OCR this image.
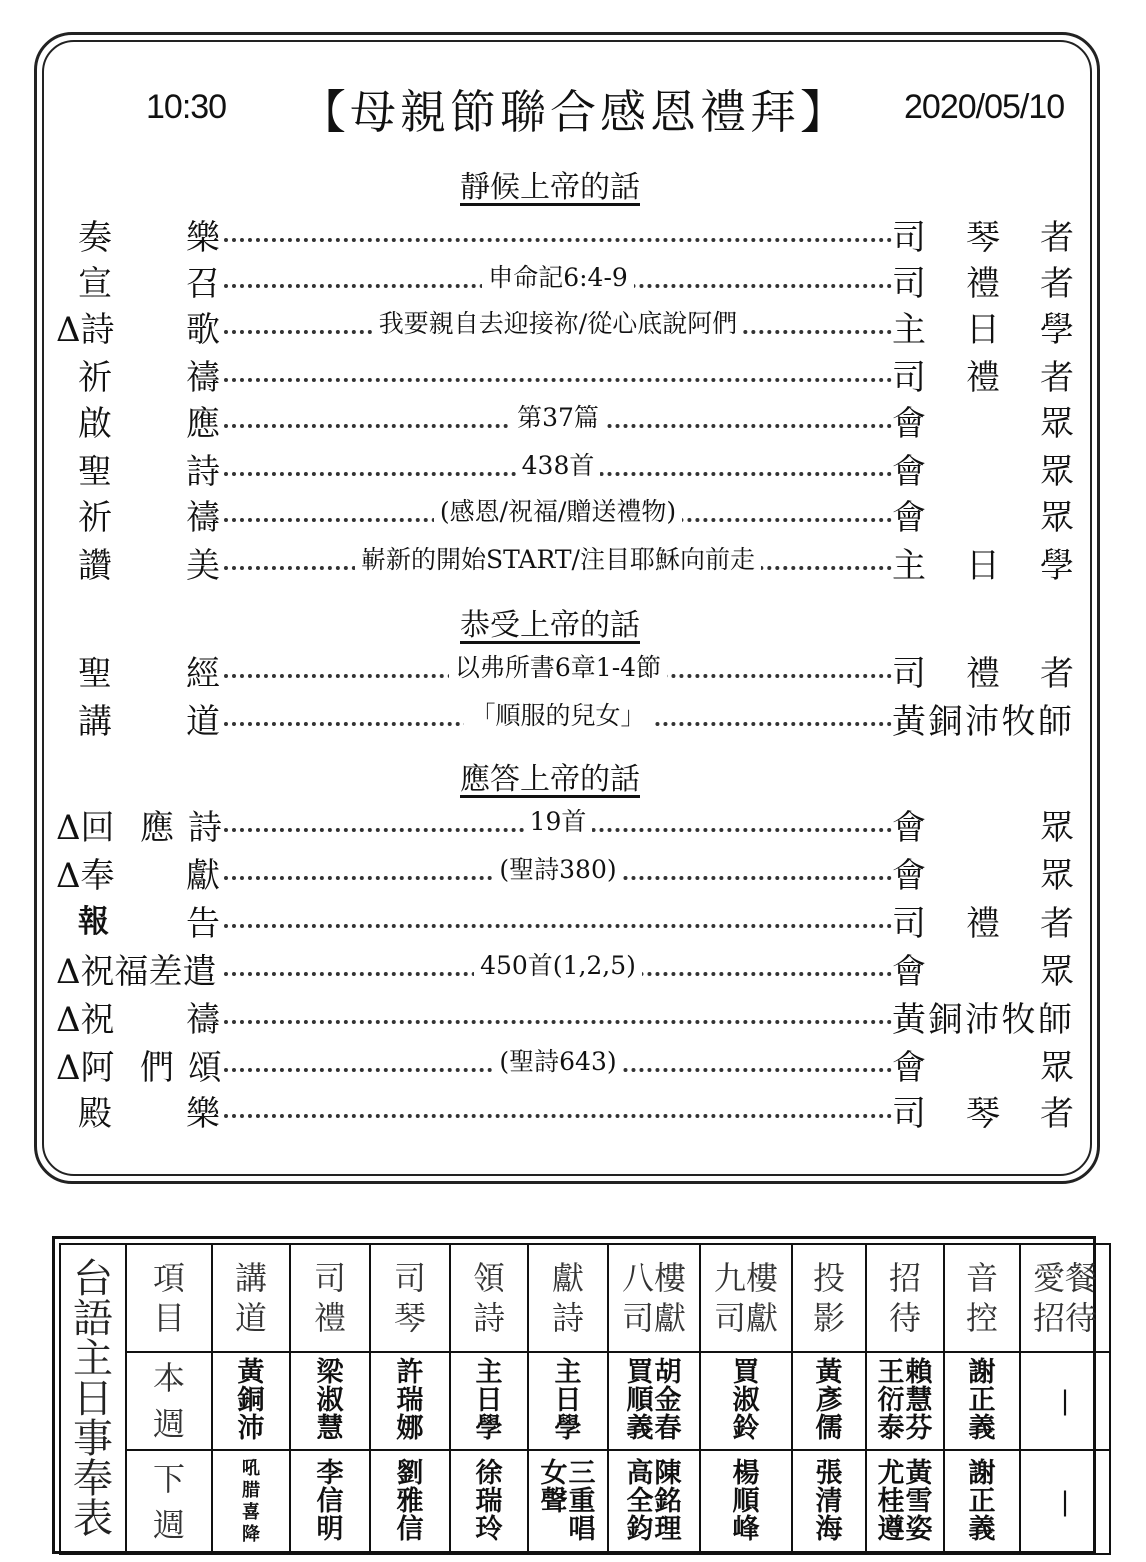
10:30 【母親節聯合感恩禮拜】 2020/05/10
靜候上帝的話
恭受上帝的話
應答上帝的話
奏 樂	司 琴 者
宣 召	申命記6:4-9	司 禮 者
Δ詩 歌	我要親自去迎接祢/從心底說阿們	主 日 學
祈 禱	司 禮 者
啟 應	第37篇	會	眾
聖 詩	438首	會	眾
祈 禱	(感恩/祝福/贈送禮物)	會	眾
讚 美	嶄新的開始START/注目耶穌向前走	主 日 學
聖 經	以弗所書6章1-4節	司 禮 者
講 道	「順服的兒女」	黃銅沛牧師
Δ回 應 詩	19首	會	眾
Δ奉 獻	(聖詩380)	會	眾
報 告	司 禮 者
Δ祝福差遣	450首(1,2,5)	會	眾
Δ祝 禱	黃銅沛牧師
Δ阿 們 頌	(聖詩643)	會	眾
殿 樂	司 琴 者
台語主日事奉表	項目	講道	司禮	司琴	領詩	獻詩	八樓司獻	九樓司獻	投影	招待	音控	愛餐招待
	本週	黃銅沛	梁淑慧	許瑞娜	主日學	主日學	買順義胡金春	買淑鈴	黃彥儒	王衍泰賴慧芬	謝正義	|
	下週	吼腊喜降	李信明	劉雅信	徐瑞玲	女聲三重唱	高全鈞陳銘理	楊順峰	張清海	尤桂遵黃雪姿	謝正義	|
